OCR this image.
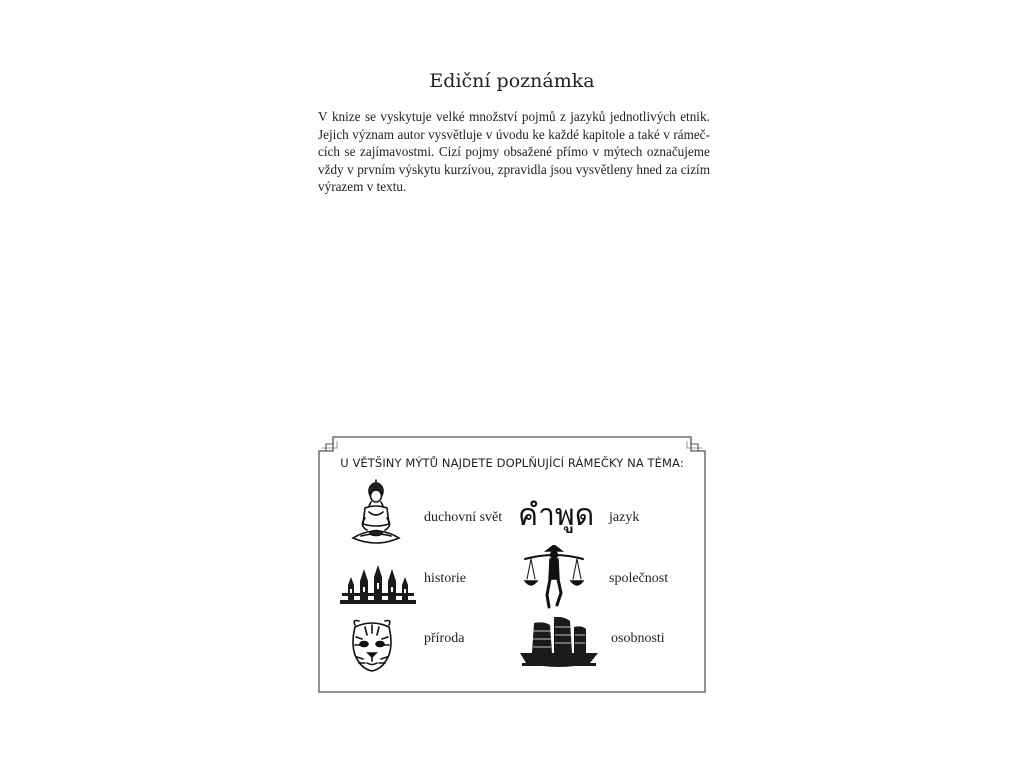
Ediční poznámka
V knize se vyskytuje velké množství pojmů z jazyků jednotlivých etnik.
Jejich význam autor vysvětluje v úvodu ke každé kapitole a také v rámeč-
cích se zajímavostmi. Cizí pojmy obsažené přímo v mýtech označujeme
vždy v prvním výskytu kurzívou, zpravidla jsou vysvětleny hned za cizím
výrazem v textu.
U VĚTŠINY MÝTŮ NAJDETE DOPLŇUJÍCÍ RÁMEČKY NA TÉMA:
duchovní svět คำพูด jazyk
historie	společnost
příroda	osobnosti
